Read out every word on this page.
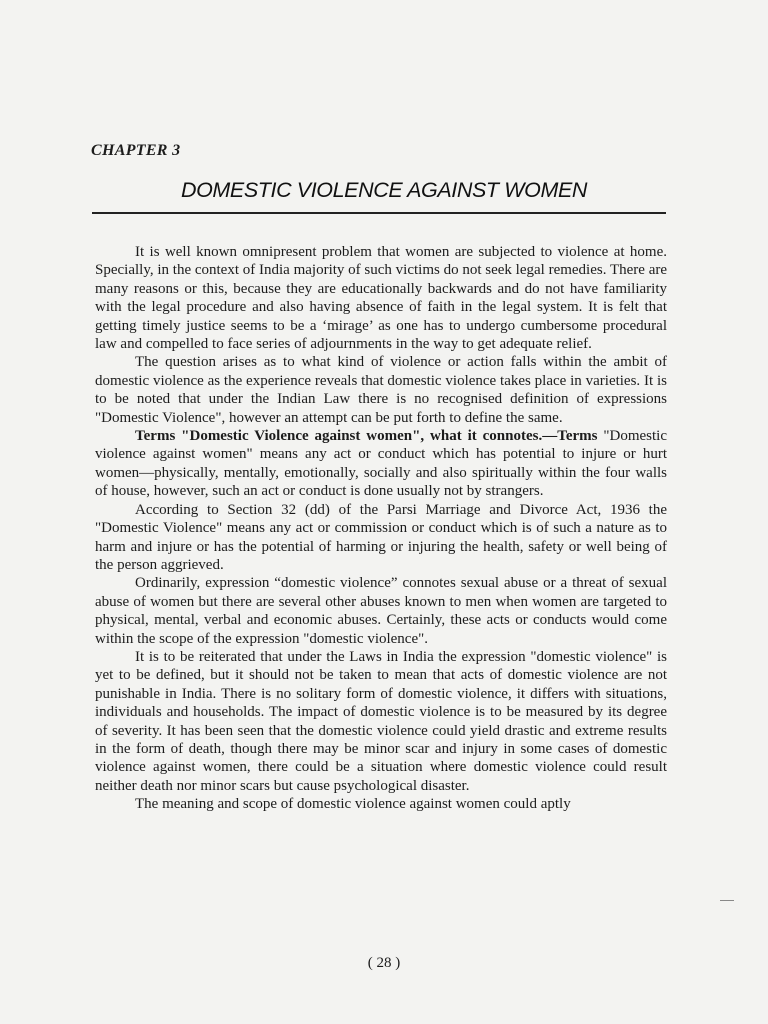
CHAPTER 3
DOMESTIC VIOLENCE AGAINST WOMEN

It is well known omnipresent problem that women are subjected to violence at home. Specially, in the context of India majority of such victims do not seek legal remedies. There are many reasons or this, because they are educationally backwards and do not have familiarity with the legal procedure and also having absence of faith in the legal system. It is felt that getting timely justice seems to be a ‘mirage’ as one has to undergo cumbersome procedural law and compelled to face series of adjournments in the way to get adequate relief.

The question arises as to what kind of violence or action falls within the ambit of domestic violence as the experience reveals that domestic violence takes place in varieties. It is to be noted that under the Indian Law there is no recognised definition of expressions "Domestic Violence", however an attempt can be put forth to define the same.

Terms "Domestic Violence against women", what it connotes.—Terms "Domestic violence against women" means any act or conduct which has potential to injure or hurt women—physically, mentally, emotionally, socially and also spiritually within the four walls of house, however, such an act or conduct is done usually not by strangers.

According to Section 32 (dd) of the Parsi Marriage and Divorce Act, 1936 the "Domestic Violence" means any act or commission or conduct which is of such a nature as to harm and injure or has the potential of harming or injuring the health, safety or well being of the person aggrieved.

Ordinarily, expression “domestic violence” connotes sexual abuse or a threat of sexual abuse of women but there are several other abuses known to men when women are targeted to physical, mental, verbal and economic abuses. Certainly, these acts or conducts would come within the scope of the expression "domestic violence".

It is to be reiterated that under the Laws in India the expression "domestic violence" is yet to be defined, but it should not be taken to mean that acts of domestic violence are not punishable in India. There is no solitary form of domestic violence, it differs with situations, individuals and households. The impact of domestic violence is to be measured by its degree of severity. It has been seen that the domestic violence could yield drastic and extreme results in the form of death, though there may be minor scar and injury in some cases of domestic violence against women, there could be a situation where domestic violence could result neither death nor minor scars but cause psychological disaster.

The meaning and scope of domestic violence against women could aptly

( 28 )
